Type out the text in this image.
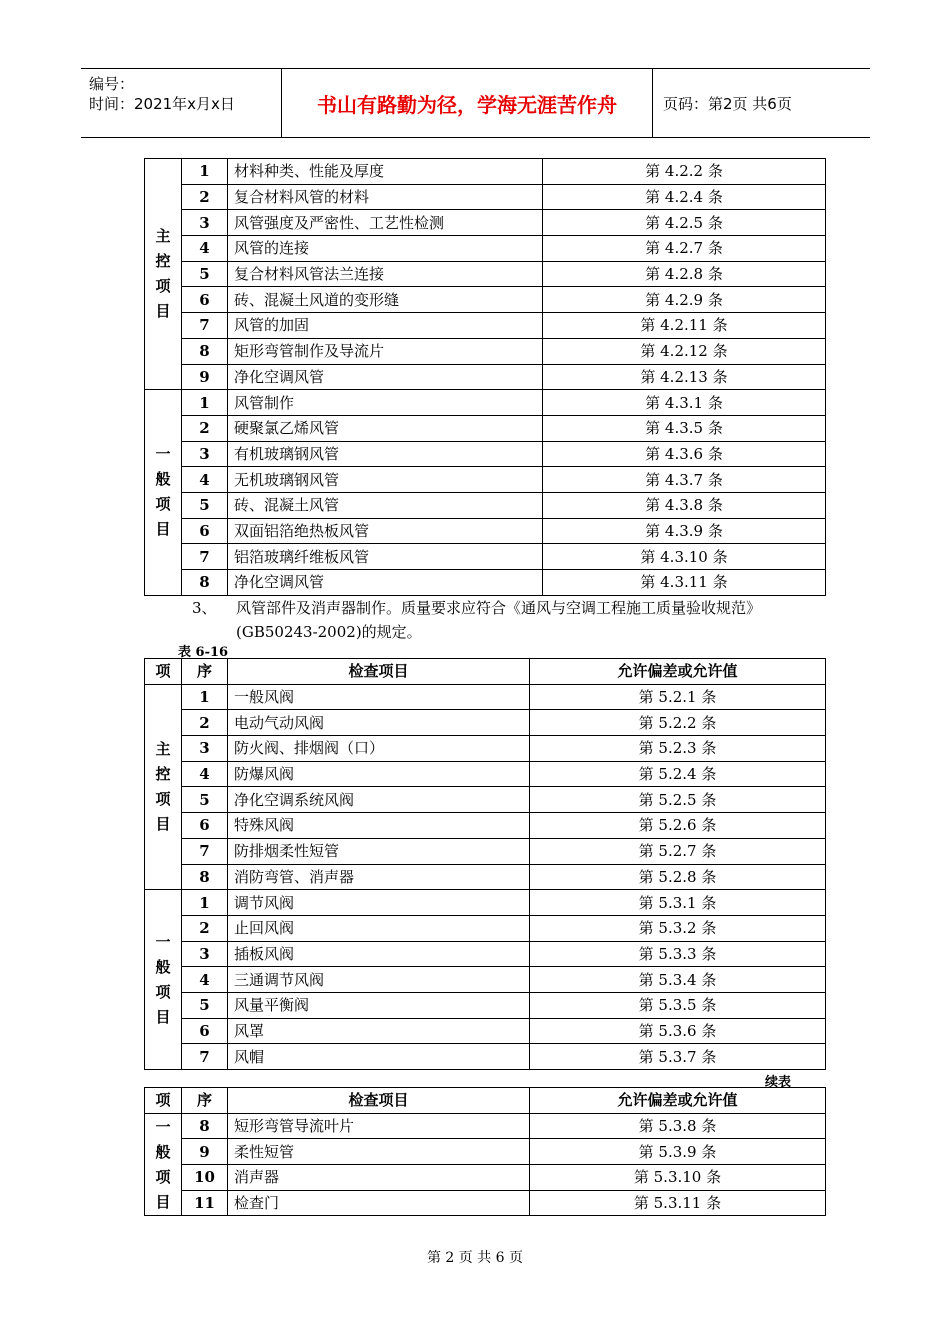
编号：
时间：2021年x月x日	书山有路勤为径，学海无涯苦作舟	页码：第2页 共6页
主
控
项
目	1	材料种类、性能及厚度	第 4.2.2 条
	2	复合材料风管的材料	第 4.2.4 条
	3	风管强度及严密性、工艺性检测	第 4.2.5 条
	4	风管的连接	第 4.2.7 条
	5	复合材料风管法兰连接	第 4.2.8 条
	6	砖、混凝土风道的变形缝	第 4.2.9 条
	7	风管的加固	第 4.2.11 条
	8	矩形弯管制作及导流片	第 4.2.12 条
	9	净化空调风管	第 4.2.13 条

一
般
项
目	1	风管制作	第 4.3.1 条
	2	硬聚氯乙烯风管	第 4.3.5 条
	3	有机玻璃钢风管	第 4.3.6 条
	4	无机玻璃钢风管	第 4.3.7 条
	5	砖、混凝土风管	第 4.3.8 条
	6	双面铝箔绝热板风管	第 4.3.9 条
	7	铝箔玻璃纤维板风管	第 4.3.10 条
	8	净化空调风管	第 4.3.11 条
3、 风管部件及消声器制作。质量要求应符合《通风与空调工程施工质量验收规范》(GB50243-2002)的规定。
表 6-16
项	序	检查项目	允许偏差或允许值

主
控
项
目	1	一般风阀	第 5.2.1 条
	2	电动气动风阀	第 5.2.2 条
	3	防火阀、排烟阀（口）	第 5.2.3 条
	4	防爆风阀	第 5.2.4 条
	5	净化空调系统风阀	第 5.2.5 条
	6	特殊风阀	第 5.2.6 条
	7	防排烟柔性短管	第 5.2.7 条
	8	消防弯管、消声器	第 5.2.8 条

一
般
项
目	1	调节风阀	第 5.3.1 条
	2	止回风阀	第 5.3.2 条
	3	插板风阀	第 5.3.3 条
	4	三通调节风阀	第 5.3.4 条
	5	风量平衡阀	第 5.3.5 条
	6	风罩	第 5.3.6 条
	7	风帽	第 5.3.7 条
续表
项	序	检查项目	允许偏差或允许值

一
般
项
目	8	短形弯管导流叶片	第 5.3.8 条
	9	柔性短管	第 5.3.9 条
	10	消声器	第 5.3.10 条
	11	检查门	第 5.3.11 条
第 2 页 共 6 页
